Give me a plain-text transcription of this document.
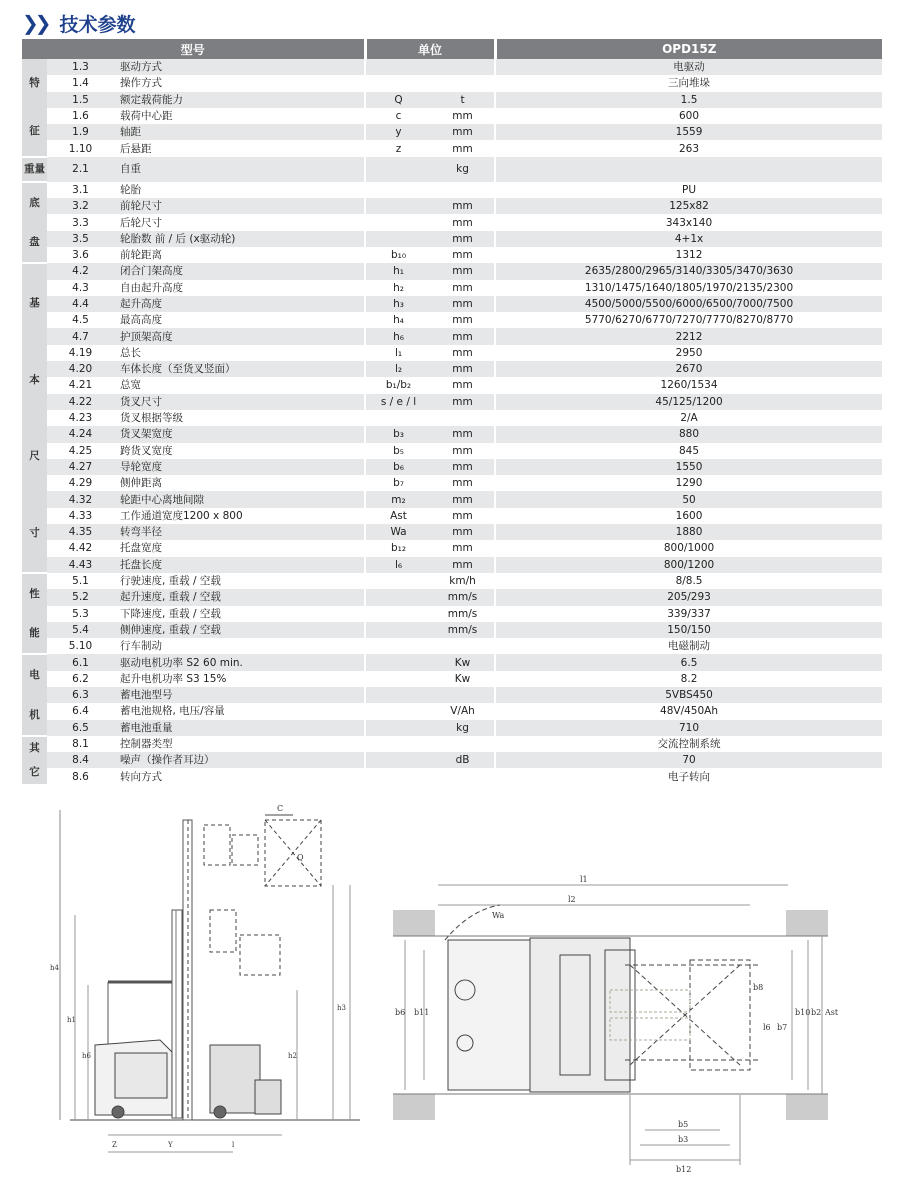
❯❯ 技术参数
型号			单位		OPD15Z

特
征	1.3	驱动方式			电驱动
	1.4	操作方式			三向堆垛
	1.5	额定载荷能力	Q	t	1.5
	1.6	载荷中心距	c	mm	600
	1.9	轴距	y	mm	1559
	1.10	后悬距	z	mm	263
重量	2.1	自重		kg	

底
盘	3.1	轮胎			PU
	3.2	前轮尺寸		mm	125x82
	3.3	后轮尺寸		mm	343x140
	3.5	轮胎数 前 / 后 (x驱动轮)		mm	4+1x
	3.6	前轮距离	b₁₀	mm	1312

基
本
尺
寸	4.2	闭合门架高度	h₁	mm	2635/2800/2965/3140/3305/3470/3630
	4.3	自由起升高度	h₂	mm	1310/1475/1640/1805/1970/2135/2300
	4.4	起升高度	h₃	mm	4500/5000/5500/6000/6500/7000/7500
	4.5	最高高度	h₄	mm	5770/6270/6770/7270/7770/8270/8770
	4.7	护顶架高度	h₆	mm	2212
	4.19	总长	l₁	mm	2950
	4.20	车体长度（至货叉竖面）	l₂	mm	2670
	4.21	总宽	b₁/b₂	mm	1260/1534
	4.22	货叉尺寸	s / e / l	mm	45/125/1200
	4.23	货叉根据等级			2/A
	4.24	货叉架宽度	b₃	mm	880
	4.25	跨货叉宽度	b₅	mm	845
	4.27	导轮宽度	b₆	mm	1550
	4.29	侧伸距离	b₇	mm	1290
	4.32	轮距中心离地间隙	m₂	mm	50
	4.33	工作通道宽度1200 x 800	Ast	mm	1600
	4.35	转弯半径	Wa	mm	1880
	4.42	托盘宽度	b₁₂	mm	800/1000
	4.43	托盘长度	l₆	mm	800/1200

性
能	5.1	行驶速度, 重载 / 空载		km/h	8/8.5
	5.2	起升速度, 重载 / 空载		mm/s	205/293
	5.3	下降速度, 重载 / 空载		mm/s	339/337
	5.4	侧伸速度, 重载 / 空载		mm/s	150/150
	5.10	行车制动			电磁制动

电
机	6.1	驱动电机功率 S2 60 min.		Kw	6.5
	6.2	起升电机功率 S3 15%		Kw	8.2
	6.3	蓄电池型号			5VBS450
	6.4	蓄电池规格, 电压/容量		V/Ah	48V/450Ah
	6.5	蓄电池重量		kg	710

其
它	8.1	控制器类型			交流控制系统
	8.4	噪声（操作者耳边）		dB	70
	8.6	转向方式			电子转向
C
Q
h4
h1
h6	h2
h3
Z	Y	l
l1
l2
Wa
b6 b11
b8
l6 b7
b10 b2 Ast
b5
b3
b12
